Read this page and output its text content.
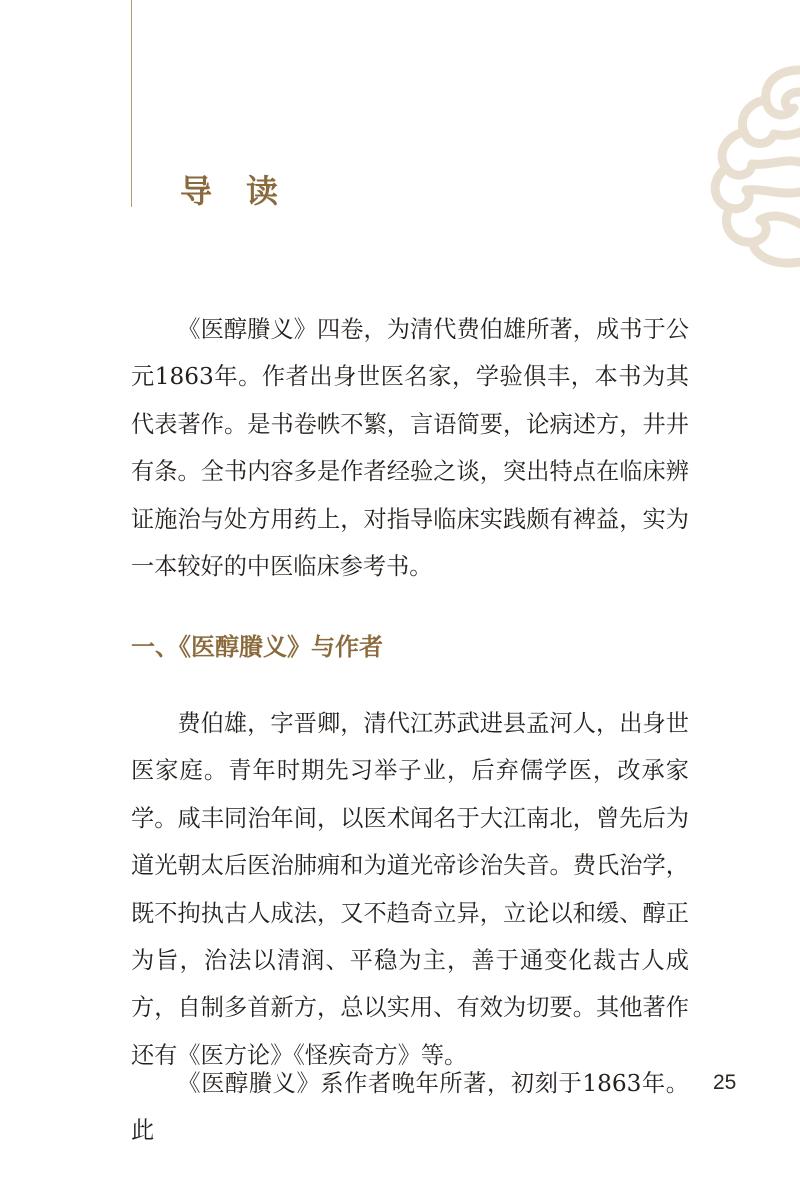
导读

《医醇賸义》四卷，为清代费伯雄所著，成书于公元1863年。作者出身世医名家，学验俱丰，本书为其代表著作。是书卷帙不繁，言语简要，论病述方，井井有条。全书内容多是作者经验之谈，突出特点在临床辨证施治与处方用药上，对指导临床实践颇有裨益，实为一本较好的中医临床参考书。

一、《医醇賸义》与作者

费伯雄，字晋卿，清代江苏武进县孟河人，出身世医家庭。青年时期先习举子业，后弃儒学医，改承家学。咸丰同治年间，以医术闻名于大江南北，曾先后为道光朝太后医治肺痈和为道光帝诊治失音。费氏治学，既不拘执古人成法，又不趋奇立异，立论以和缓、醇正为旨，治法以清润、平稳为主，善于通变化裁古人成方，自制多首新方，总以实用、有效为切要。其他著作还有《医方论》《怪疾奇方》等。

《医醇賸义》系作者晚年所著，初刻于1863年。此

25
